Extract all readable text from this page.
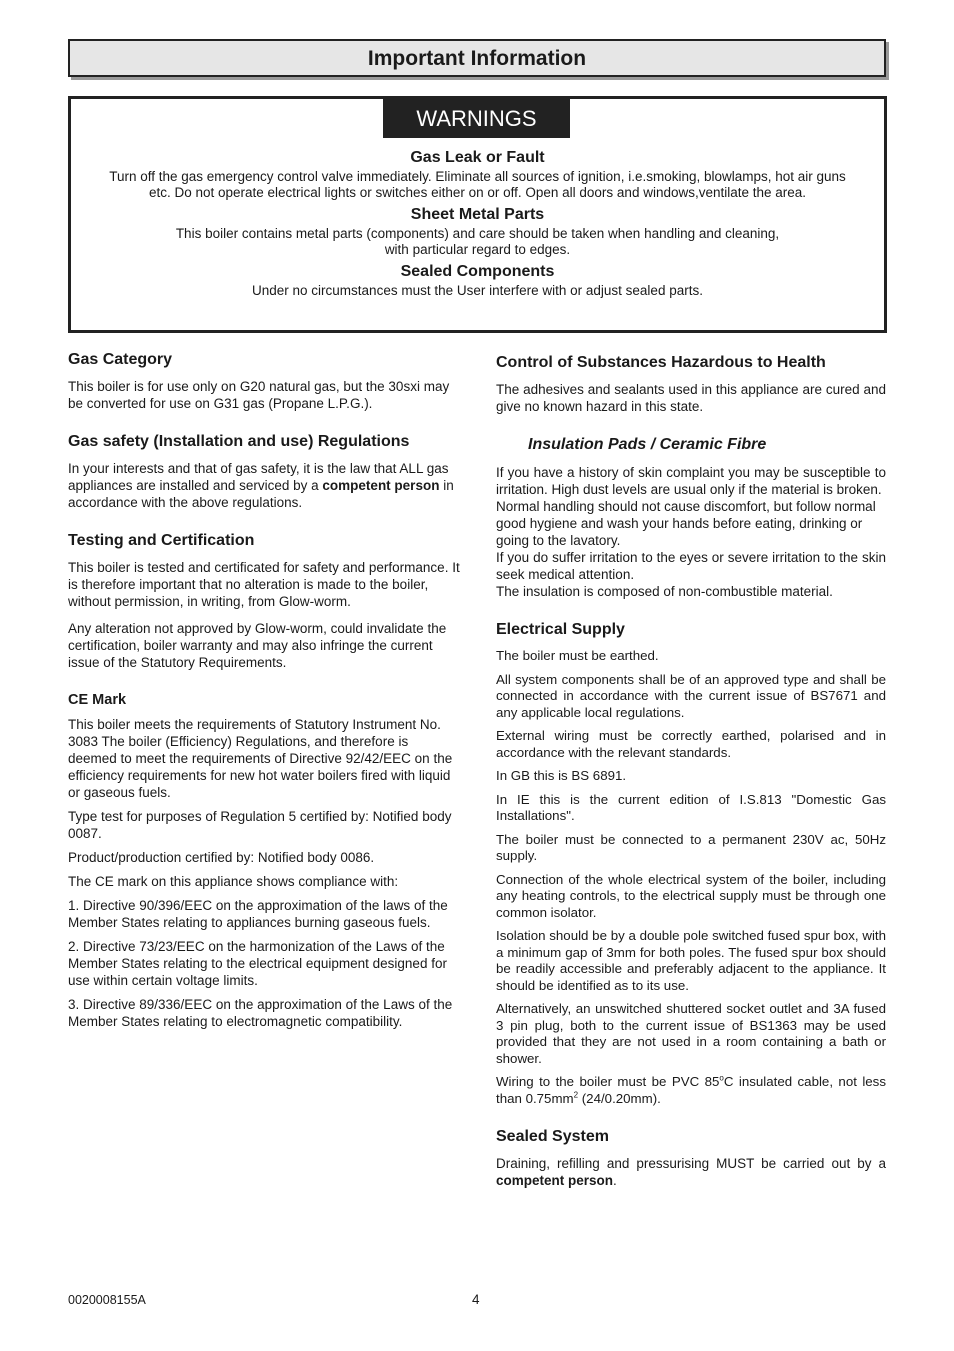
Important Information
WARNINGS
Gas Leak or Fault

Turn off the gas emergency control valve immediately. Eliminate all sources of ignition, i.e.smoking, blowlamps, hot air guns

etc. Do not operate electrical lights or switches either on or off. Open all doors and windows,ventilate the area.

Sheet Metal Parts

This boiler contains metal parts (components) and care should be taken when handling and cleaning,

with particular regard to edges.

Sealed Components

Under no circumstances must the User interfere with or adjust sealed parts.

Gas Category

This boiler is for use only on G20 natural gas, but the 30sxi may be converted for use on G31 gas (Propane L.P.G.).

Gas safety (Installation and use) Regulations

In your interests and that of gas safety, it is the law that ALL gas appliances are installed and serviced by a competent person in accordance with the above regulations.

Testing and Certification

This boiler is tested and certificated for safety and performance. It is therefore important that no alteration is made to the boiler, without permission, in writing, from Glow-worm.

Any alteration not approved by Glow-worm, could invalidate the certification, boiler warranty and may also infringe the current issue of the Statutory Requirements.

CE Mark

This boiler meets the requirements of Statutory Instrument No. 3083 The boiler (Efficiency) Regulations, and therefore is deemed to meet the requirements of Directive 92/42/EEC on the efficiency requirements for new hot water boilers fired with liquid or gaseous fuels.

Type test for purposes of Regulation 5 certified by: Notified body 0087.

Product/production certified by: Notified body 0086.

The CE mark on this appliance shows compliance with:

1. Directive 90/396/EEC on the approximation of the laws of the Member States relating to appliances burning gaseous fuels.

2. Directive 73/23/EEC on the harmonization of the Laws of the Member States relating to the electrical equipment designed for use within certain voltage limits.

3. Directive 89/336/EEC on the approximation of the Laws of the Member States relating to electromagnetic compatibility.

Control of Substances Hazardous to Health

The adhesives and sealants used in this appliance are cured and give no known hazard in this state.

Insulation Pads / Ceramic Fibre

If you have a history of skin complaint you may be susceptible to irritation. High dust levels are usual only if the material is broken.

Normal handling should not cause discomfort, but follow normal good hygiene and wash your hands before eating, drinking or going to the lavatory.

If you do suffer irritation to the eyes or severe irritation to the skin seek medical attention.

The insulation is composed of non-combustible material.

Electrical Supply

The boiler must be earthed.

All system components shall be of an approved type and shall be connected in accordance with the current issue of BS7671 and any applicable local regulations.

External wiring must be correctly earthed, polarised and in accordance with the relevant standards.

In GB this is BS 6891.

In IE this is the current edition of I.S.813 "Domestic Gas Installations".

The boiler must be connected to a permanent 230V ac, 50Hz supply.

Connection of the whole electrical system of the boiler, including any heating controls, to the electrical supply must be through one common isolator.

Isolation should be by a double pole switched fused spur box, with a minimum gap of 3mm for both poles. The fused spur box should be readily accessible and preferably adjacent to the appliance. It should be identified as to its use.

Alternatively, an unswitched shuttered socket outlet and 3A fused 3 pin plug, both to the current issue of BS1363 may be used provided that they are not used in a room containing a bath or shower.

Wiring to the boiler must be PVC 85$^o$C insulated cable, not less than $0.75mm^2$ (24/0.20mm).

Sealed System

Draining, refilling and pressurising MUST be carried out by a competent person.

0020008155A	4
